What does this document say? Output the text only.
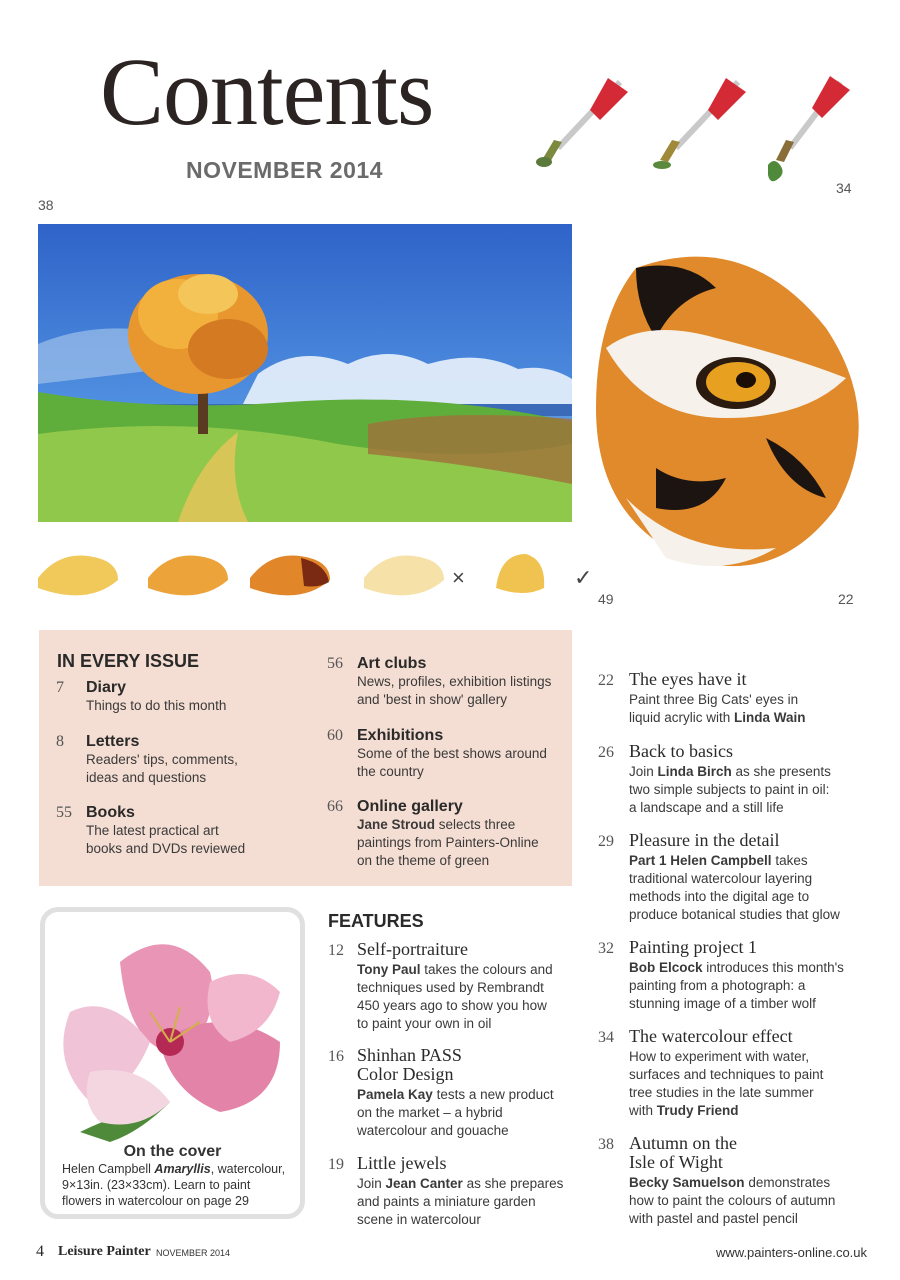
Contents
NOVEMBER 2014
34
38
×	✓
49	22
IN EVERY ISSUE
7 Diary
Things to do this month
8 Letters
Readers' tips, comments,
ideas and questions
55 Books
The latest practical art
books and DVDs reviewed
56 Art clubs
News, profiles, exhibition listings
and 'best in show' gallery
60 Exhibitions
Some of the best shows around
the country
66 Online gallery
Jane Stroud selects three
paintings from Painters-Online
on the theme of green
22 The eyes have it
Paint three Big Cats' eyes in
liquid acrylic with Linda Wain
26 Back to basics
Join Linda Birch as she presents
two simple subjects to paint in oil:
a landscape and a still life
29 Pleasure in the detail
Part 1 Helen Campbell takes
traditional watercolour layering
methods into the digital age to
produce botanical studies that glow
32 Painting project 1
Bob Elcock introduces this month's
painting from a photograph: a
stunning image of a timber wolf
34 The watercolour effect
How to experiment with water,
surfaces and techniques to paint
tree studies in the late summer
with Trudy Friend
38 Autumn on the
Isle of Wight
Becky Samuelson demonstrates
how to paint the colours of autumn
with pastel and pastel pencil
FEATURES
12 Self-portraiture
Tony Paul takes the colours and
techniques used by Rembrandt
450 years ago to show you how
to paint your own in oil
16 Shinhan PASS
Color Design
Pamela Kay tests a new product
on the market – a hybrid
watercolour and gouache
19 Little jewels
Join Jean Canter as she prepares
and paints a miniature garden
scene in watercolour
On the cover
Helen Campbell Amaryllis, watercolour,
9×13in. (23×33cm). Learn to paint
flowers in watercolour on page 29
4 Leisure Painter NOVEMBER 2014	www.painters-online.co.uk
